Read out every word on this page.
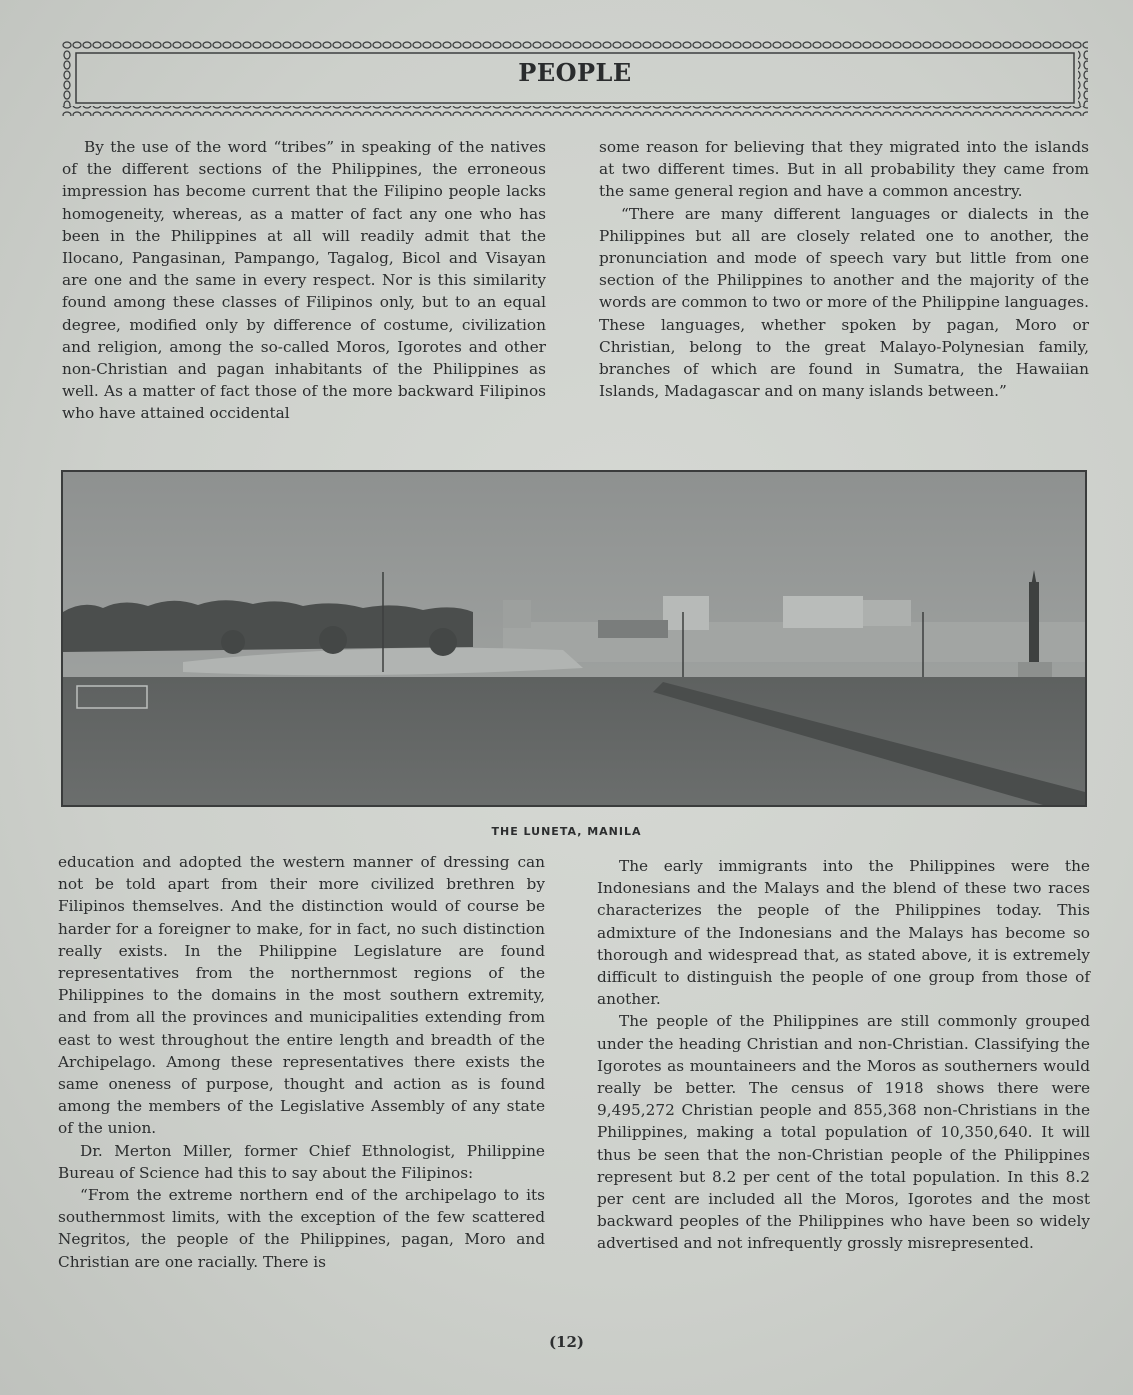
PEOPLE

By the use of the word “tribes” in speaking of the natives of the different sections of the Philippines, the erroneous impression has become current that the Filipino people lacks homogeneity, whereas, as a matter of fact any one who has been in the Philippines at all will readily admit that the Ilocano, Pangasinan, Pampango, Tagalog, Bicol and Visayan are one and the same in every respect. Nor is this similarity found among these classes of Filipinos only, but to an equal degree, modified only by difference of costume, civilization and religion, among the so-called Moros, Igorotes and other non-Christian and pagan inhabitants of the Philippines as well. As a matter of fact those of the more backward Filipinos who have attained occidental

some reason for believing that they migrated into the islands at two different times. But in all probability they came from the same general region and have a common ancestry.

“There are many different languages or dialects in the Philippines but all are closely related one to another, the pronunciation and mode of speech vary but little from one section of the Philippines to another and the majority of the words are common to two or more of the Philippine languages. These languages, whether spoken by pagan, Moro or Christian, belong to the great Malayo-Polynesian family, branches of which are found in Sumatra, the Hawaiian Islands, Madagascar and on many islands between.”

THE LUNETA, MANILA

education and adopted the western manner of dressing can not be told apart from their more civilized brethren by Filipinos themselves. And the distinction would of course be harder for a foreigner to make, for in fact, no such distinction really exists. In the Philippine Legislature are found representatives from the northernmost regions of the Philippines to the domains in the most southern extremity, and from all the provinces and municipalities extending from east to west throughout the entire length and breadth of the Archipelago. Among these representatives there exists the same oneness of purpose, thought and action as is found among the members of the Legislative Assembly of any state of the union.

Dr. Merton Miller, former Chief Ethnologist, Philippine Bureau of Science had this to say about the Filipinos:

“From the extreme northern end of the archipelago to its southernmost limits, with the exception of the few scattered Negritos, the people of the Philippines, pagan, Moro and Christian are one racially. There is

The early immigrants into the Philippines were the Indonesians and the Malays and the blend of these two races characterizes the people of the Philippines today. This admixture of the Indonesians and the Malays has become so thorough and widespread that, as stated above, it is extremely difficult to distinguish the people of one group from those of another.

The people of the Philippines are still commonly grouped under the heading Christian and non-Christian. Classifying the Igorotes as mountaineers and the Moros as southerners would really be better. The census of 1918 shows there were 9,495,272 Christian people and 855,368 non-Christians in the Philippines, making a total population of 10,350,640. It will thus be seen that the non-Christian people of the Philippines represent but 8.2 per cent of the total population. In this 8.2 per cent are included all the Moros, Igorotes and the most backward peoples of the Philippines who have been so widely advertised and not infrequently grossly misrepresented.

(12)
